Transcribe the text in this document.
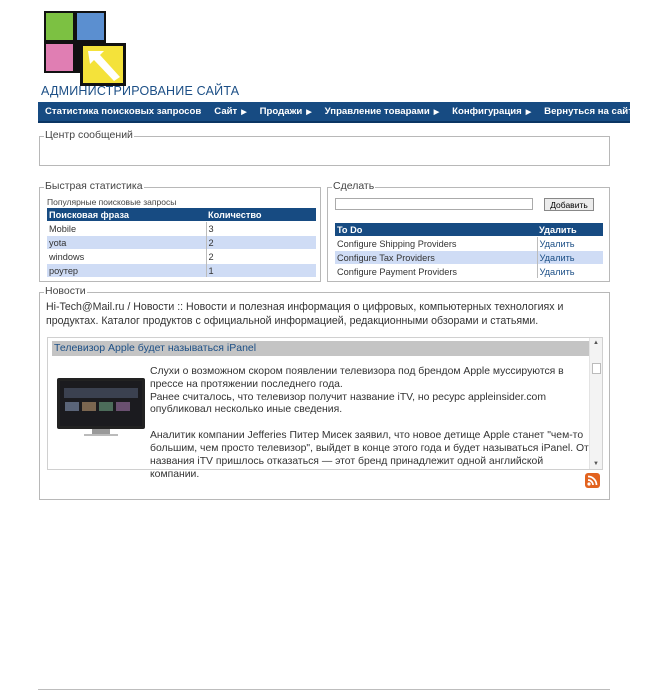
АДМИНИСТРИРОВАНИЕ САЙТА
Статистика поисковых запросов Сайт ▶ Продажи ▶ Управление товарами ▶ Конфигурация ▶ Вернуться на сайт
Центр сообщений
Быстрая статистика
Популярные поисковые запросы
Поисковая фраза	Количество
Mobile	3
yota	2
windows	2
роутер	1
Сделать
Добавить
To Do	Удалить
Configure Shipping Providers	Удалить
Configure Tax Providers	Удалить
Configure Payment Providers	Удалить
Новости
Hi-Tech@Mail.ru / Новости :: Новости и полезная информация о цифровых, компьютерных технологиях и продуктах. Каталог продуктов с официальной информацией, редакционными обзорами и статьями.
Телевизор Apple будет называться iPanel

Слухи о возможном скором появлении телевизора под брендом Apple муссируются в прессе на протяжении последнего года.
Ранее считалось, что телевизор получит название iTV, но ресурс appleinsider.com опубликовал несколько иные сведения.

Аналитик компании Jefferies Питер Мисек заявил, что новое детище Apple станет "чем-то большим, чем просто телевизор", выйдет в конце этого года и будет называться iPanel. От названия iTV пришлось отказаться — этот бренд принадлежит одной английской компании.

▲
▼
